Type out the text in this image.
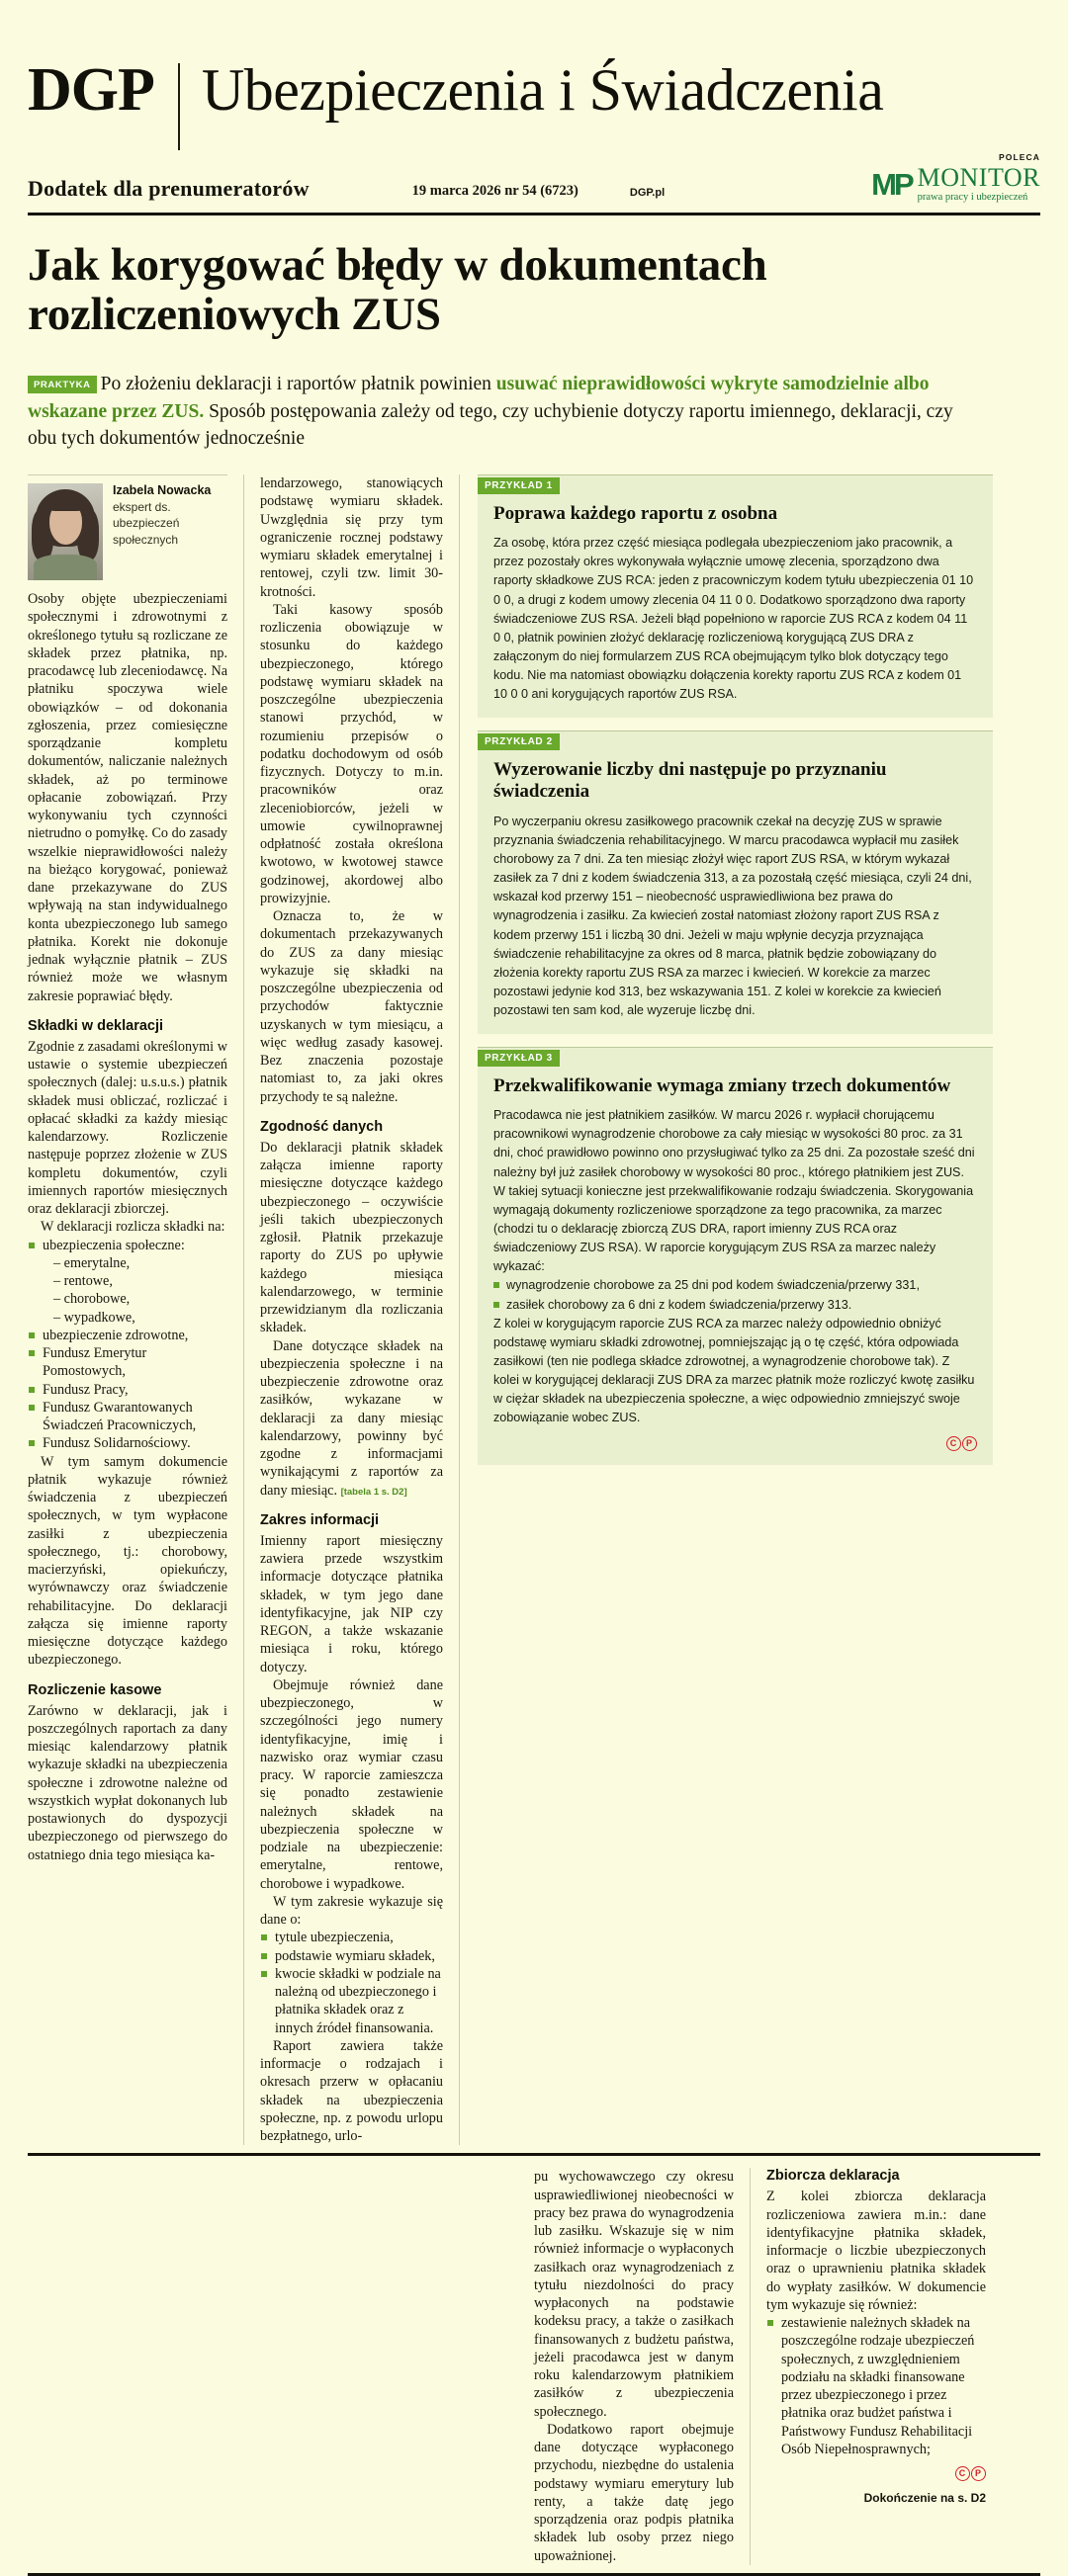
DGP Ubezpieczenia i Świadczenia
Dodatek dla prenumeratorów	19 marca 2026 nr 54 (6723)	DGP.pl
POLECA
MP MONITOR
prawa pracy i ubezpieczeń
Jak korygować błędy w dokumentach rozliczeniowych ZUS
PRAKTYKA Po złożeniu deklaracji i raportów płatnik powinien usuwać nieprawidłowości wykryte samodzielnie albo wskazane przez ZUS. Sposób postępowania zależy od tego, czy uchybienie dotyczy raportu imiennego, deklaracji, czy obu tych dokumentów jednocześnie
Izabela Nowacka
ekspert ds. ubezpieczeń społecznych

Osoby objęte ubezpieczeniami społecznymi i zdrowotnymi z określonego tytułu są rozliczane ze składek przez płatnika, np. pracodawcę lub zleceniodawcę. Na płatniku spoczywa wiele obowiązków – od dokonania zgłoszenia, przez comiesięczne sporządzanie kompletu dokumentów, naliczanie należnych składek, aż po terminowe opłacanie zobowiązań. Przy wykonywaniu tych czynności nietrudno o pomyłkę. Co do zasady wszelkie nieprawidłowości należy na bieżąco korygować, ponieważ dane przekazywane do ZUS wpływają na stan indywidualnego konta ubezpieczonego lub samego płatnika. Korekt nie dokonuje jednak wyłącznie płatnik – ZUS również może we własnym zakresie poprawiać błędy.

Składki w deklaracji

Zgodnie z zasadami określonymi w ustawie o systemie ubezpieczeń społecznych (dalej: u.s.u.s.) płatnik składek musi obliczać, rozliczać i opłacać składki za każdy miesiąc kalendarzowy. Rozliczenie następuje poprzez złożenie w ZUS kompletu dokumentów, czyli imiennych raportów miesięcznych oraz deklaracji zbiorczej.

W deklaracji rozlicza składki na:

ubezpieczenia społeczne:
– emerytalne,
– rentowe,
– chorobowe,
– wypadkowe,
ubezpieczenie zdrowotne,
Fundusz Emerytur Pomostowych,
Fundusz Pracy,
Fundusz Gwarantowanych Świadczeń Pracowniczych,
Fundusz Solidarnościowy.

W tym samym dokumencie płatnik wykazuje również świadczenia z ubezpieczeń społecznych, w tym wypłacone zasiłki z ubezpieczenia społecznego, tj.: chorobowy, macierzyński, opiekuńczy, wyrównawczy oraz świadczenie rehabilitacyjne. Do deklaracji załącza się imienne raporty miesięczne dotyczące każdego ubezpieczonego.

Rozliczenie kasowe

Zarówno w deklaracji, jak i poszczególnych raportach za dany miesiąc kalendarzowy płatnik wykazuje składki na ubezpieczenia społeczne i zdrowotne należne od wszystkich wypłat dokonanych lub postawionych do dyspozycji ubezpieczonego od pierwszego do ostatniego dnia tego miesiąca ka-

lendarzowego, stanowiących podstawę wymiaru składek. Uwzględnia się przy tym ograniczenie rocznej podstawy wymiaru składek emerytalnej i rentowej, czyli tzw. limit 30-krotności.

Taki kasowy sposób rozliczenia obowiązuje w stosunku do każdego ubezpieczonego, którego podstawę wymiaru składek na poszczególne ubezpieczenia stanowi przychód, w rozumieniu przepisów o podatku dochodowym od osób fizycznych. Dotyczy to m.in. pracowników oraz zleceniobiorców, jeżeli w umowie cywilnoprawnej odpłatność została określona kwotowo, w kwotowej stawce godzinowej, akordowej albo prowizyjnie.

Oznacza to, że w dokumentach przekazywanych do ZUS za dany miesiąc wykazuje się składki na poszczególne ubezpieczenia od przychodów faktycznie uzyskanych w tym miesiącu, a więc według zasady kasowej. Bez znaczenia pozostaje natomiast to, za jaki okres przychody te są należne.

Zgodność danych

Do deklaracji płatnik składek załącza imienne raporty miesięczne dotyczące każdego ubezpieczonego – oczywiście jeśli takich ubezpieczonych zgłosił. Płatnik przekazuje raporty do ZUS po upływie każdego miesiąca kalendarzowego, w terminie przewidzianym dla rozliczania składek.

Dane dotyczące składek na ubezpieczenia społeczne i na ubezpieczenie zdrowotne oraz zasiłków, wykazane w deklaracji za dany miesiąc kalendarzowy, powinny być zgodne z informacjami wynikającymi z raportów za dany miesiąc. [tabela 1 s. D2]

Zakres informacji

Imienny raport miesięczny zawiera przede wszystkim informacje dotyczące płatnika składek, w tym jego dane identyfikacyjne, jak NIP czy REGON, a także wskazanie miesiąca i roku, którego dotyczy.

Obejmuje również dane ubezpieczonego, w szczególności jego numery identyfikacyjne, imię i nazwisko oraz wymiar czasu pracy. W raporcie zamieszcza się ponadto zestawienie należnych składek na ubezpieczenia społeczne w podziale na ubezpieczenie: emerytalne, rentowe, chorobowe i wypadkowe.

W tym zakresie wykazuje się dane o:

tytule ubezpieczenia,
podstawie wymiaru składek,
kwocie składki w podziale na należną od ubezpieczonego i płatnika składek oraz z innych źródeł finansowania.

Raport zawiera także informacje o rodzajach i okresach przerw w opłacaniu składek na ubezpieczenia społeczne, np. z powodu urlopu bezpłatnego, urlo-

PRZYKŁAD 1
Poprawa każdego raportu z osobna

Za osobę, która przez część miesiąca podlegała ubezpieczeniom jako pracownik, a przez pozostały okres wykonywała wyłącznie umowę zlecenia, sporządzono dwa raporty składkowe ZUS RCA: jeden z pracowniczym kodem tytułu ubezpieczenia 01 10 0 0, a drugi z kodem umowy zlecenia 04 11 0 0. Dodatkowo sporządzono dwa raporty świadczeniowe ZUS RSA. Jeżeli błąd popełniono w raporcie ZUS RCA z kodem 04 11 0 0, płatnik powinien złożyć deklarację rozliczeniową korygującą ZUS DRA z załączonym do niej formularzem ZUS RCA obejmującym tylko blok dotyczący tego kodu. Nie ma natomiast obowiązku dołączenia korekty raportu ZUS RCA z kodem 01 10 0 0 ani korygujących raportów ZUS RSA.

PRZYKŁAD 2
Wyzerowanie liczby dni następuje po przyznaniu świadczenia

Po wyczerpaniu okresu zasiłkowego pracownik czekał na decyzję ZUS w sprawie przyznania świadczenia rehabilitacyjnego. W marcu pracodawca wypłacił mu zasiłek chorobowy za 7 dni. Za ten miesiąc złożył więc raport ZUS RSA, w którym wykazał zasiłek za 7 dni z kodem świadczenia 313, a za pozostałą część miesiąca, czyli 24 dni, wskazał kod przerwy 151 – nieobecność usprawiedliwiona bez prawa do wynagrodzenia i zasiłku. Za kwiecień został natomiast złożony raport ZUS RSA z kodem przerwy 151 i liczbą 30 dni. Jeżeli w maju wpłynie decyzja przyznająca świadczenie rehabilitacyjne za okres od 8 marca, płatnik będzie zobowiązany do złożenia korekty raportu ZUS RSA za marzec i kwiecień. W korekcie za marzec pozostawi jedynie kod 313, bez wskazywania 151. Z kolei w korekcie za kwiecień pozostawi ten sam kod, ale wyzeruje liczbę dni.

PRZYKŁAD 3
Przekwalifikowanie wymaga zmiany trzech dokumentów

Pracodawca nie jest płatnikiem zasiłków. W marcu 2026 r. wypłacił chorującemu pracownikowi wynagrodzenie chorobowe za cały miesiąc w wysokości 80 proc. za 31 dni, choć prawidłowo powinno ono przysługiwać tylko za 25 dni. Za pozostałe sześć dni należny był już zasiłek chorobowy w wysokości 80 proc., którego płatnikiem jest ZUS. W takiej sytuacji konieczne jest przekwalifikowanie rodzaju świadczenia. Skorygowania wymagają dokumenty rozliczeniowe sporządzone za tego pracownika, za marzec (chodzi tu o deklarację zbiorczą ZUS DRA, raport imienny ZUS RCA oraz świadczeniowy ZUS RSA). W raporcie korygującym ZUS RSA za marzec należy wykazać:

wynagrodzenie chorobowe za 25 dni pod kodem świadczenia/przerwy 331,
zasiłek chorobowy za 6 dni z kodem świadczenia/przerwy 313.

Z kolei w korygującym raporcie ZUS RCA za marzec należy odpowiednio obniżyć podstawę wymiaru składki zdrowotnej, pomniejszając ją o tę część, która odpowiada zasiłkowi (ten nie podlega składce zdrowotnej, a wynagrodzenie chorobowe tak). Z kolei w korygującej deklaracji ZUS DRA za marzec płatnik może rozliczyć kwotę zasiłku w ciężar składek na ubezpieczenia społeczne, a więc odpowiednio zmniejszyć swoje zobowiązanie wobec ZUS.

C P

pu wychowawczego czy okresu usprawiedliwionej nieobecności w pracy bez prawa do wynagrodzenia lub zasiłku. Wskazuje się w nim również informacje o wypłaconych zasiłkach oraz wynagrodzeniach z tytułu niezdolności do pracy wypłaconych na podstawie kodeksu pracy, a także o zasiłkach finansowanych z budżetu państwa, jeżeli pracodawca jest w danym roku kalendarzowym płatnikiem zasiłków z ubezpieczenia społecznego.

Dodatkowo raport obejmuje dane dotyczące wypłaconego przychodu, niezbędne do ustalenia podstawy wymiaru emerytury lub renty, a także datę jego sporządzenia oraz podpis płatnika składek lub osoby przez niego upoważnionej.

Zbiorcza deklaracja

Z kolei zbiorcza deklaracja rozliczeniowa zawiera m.in.: dane identyfikacyjne płatnika składek, informacje o liczbie ubezpieczonych oraz o uprawnieniu płatnika składek do wypłaty zasiłków. W dokumencie tym wykazuje się również:

zestawienie należnych składek na poszczególne rodzaje ubezpieczeń społecznych, z uwzględnieniem podziału na składki finansowane przez ubezpieczonego i przez płatnika oraz budżet państwa i Państwowy Fundusz Rehabilitacji Osób Niepełnosprawnych;
C P
Dokończenie na s. D2
